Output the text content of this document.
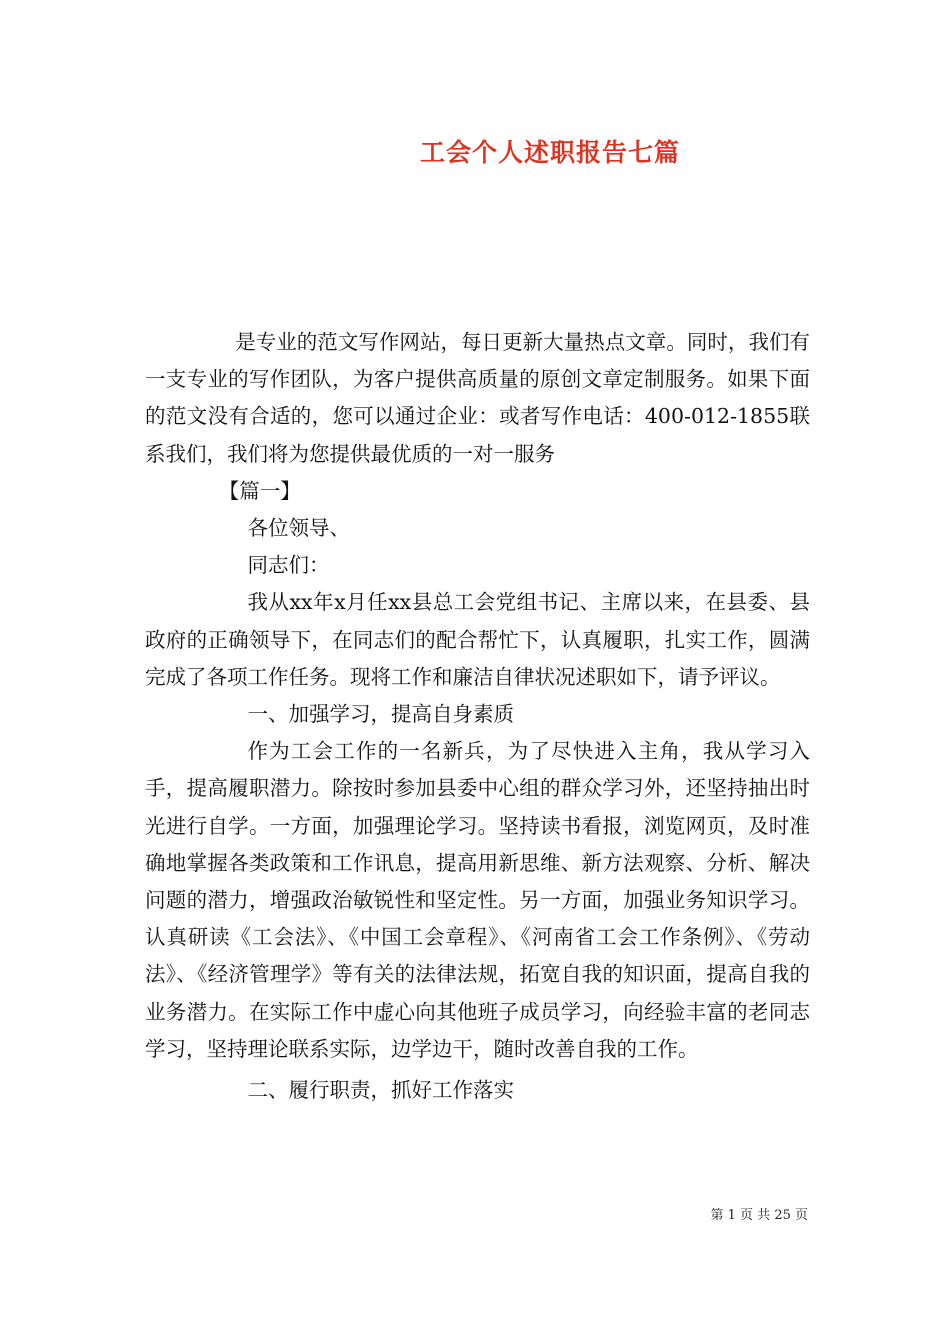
工会个人述职报告七篇

是专业的范文写作网站，每日更新大量热点文章。同时，我们有一支专业的写作团队，为客户提供高质量的原创文章定制服务。如果下面的范文没有合适的，您可以通过企业：或者写作电话：400-012-1855联系我们，我们将为您提供最优质的一对一服务

【篇一】

各位领导、

同志们：

我从xx年x月任xx县总工会党组书记、主席以来，在县委、县政府的正确领导下，在同志们的配合帮忙下，认真履职，扎实工作，圆满完成了各项工作任务。现将工作和廉洁自律状况述职如下，请予评议。

一、加强学习，提高自身素质

作为工会工作的一名新兵，为了尽快进入主角，我从学习入手，提高履职潜力。除按时参加县委中心组的群众学习外，还坚持抽出时光进行自学。一方面，加强理论学习。坚持读书看报，浏览网页，及时准确地掌握各类政策和工作讯息，提高用新思维、新方法观察、分析、解决问题的潜力，增强政治敏锐性和坚定性。另一方面，加强业务知识学习。认真研读《工会法》、《中国工会章程》、《河南省工会工作条例》、《劳动法》、《经济管理学》等有关的法律法规，拓宽自我的知识面，提高自我的业务潜力。在实际工作中虚心向其他班子成员学习，向经验丰富的老同志学习，坚持理论联系实际，边学边干，随时改善自我的工作。

二、履行职责，抓好工作落实

第 1 页 共 25 页
